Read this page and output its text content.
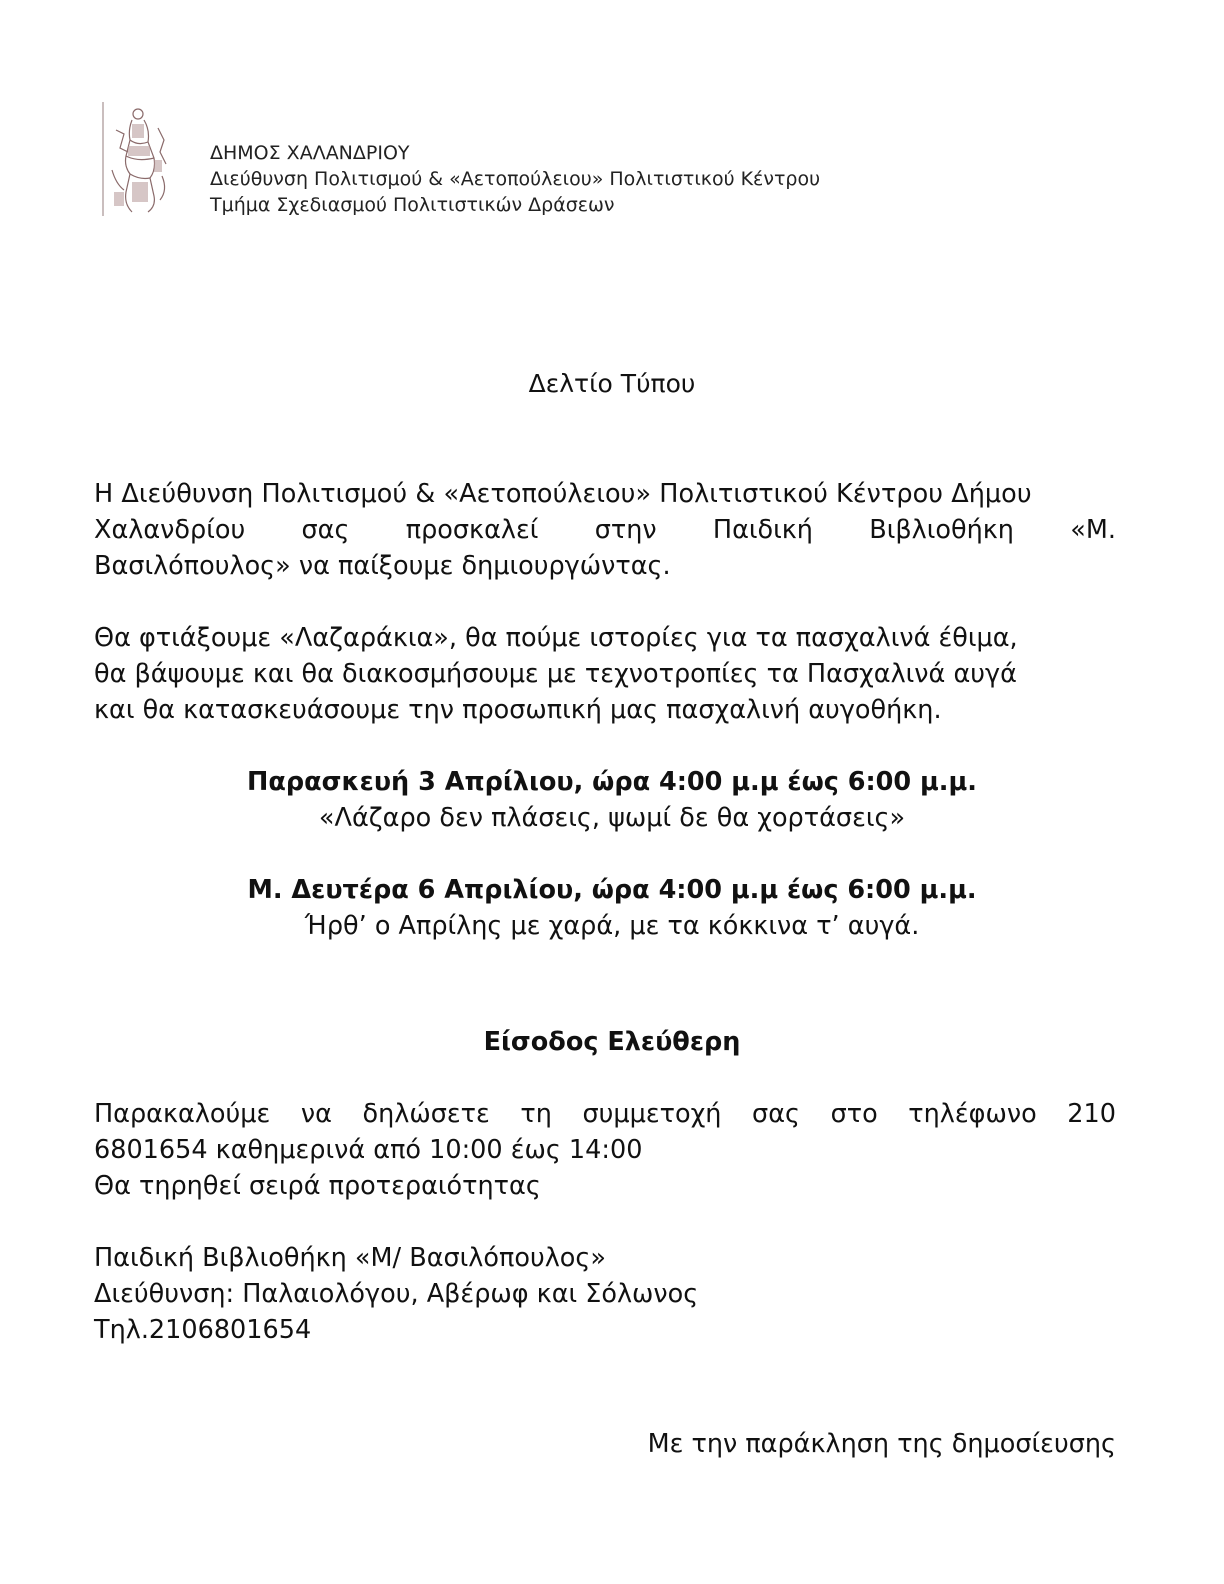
ΔΗΜΟΣ ΧΑΛΑΝΔΡΙΟΥ
Διεύθυνση Πολιτισμού & «Αετοπούλειου» Πολιτιστικού Κέντρου
Τμήμα Σχεδιασμού Πολιτιστικών Δράσεων
Δελτίο Τύπου
Η Διεύθυνση Πολιτισμού & «Αετοπούλειου» Πολιτιστικού Κέντρου Δήμου
Χαλανδρίου σας προσκαλεί στην Παιδική Βιβλιοθήκη «Μ.
Βασιλόπουλος» να παίξουμε δημιουργώντας.
Θα φτιάξουμε «Λαζαράκια», θα πούμε ιστορίες για τα πασχαλινά έθιμα,
θα βάψουμε και θα διακοσμήσουμε με τεχνοτροπίες τα Πασχαλινά αυγά
και θα κατασκευάσουμε την προσωπική μας πασχαλινή αυγοθήκη.
Παρασκευή 3 Απρίλιου, ώρα 4:00 μ.μ έως 6:00 μ.μ.
«Λάζαρο δεν πλάσεις, ψωμί δε θα χορτάσεις»
Μ. Δευτέρα 6 Απριλίου, ώρα 4:00 μ.μ έως 6:00 μ.μ.
Ήρθ’ ο Απρίλης με χαρά, με τα κόκκινα τ’ αυγά.
Είσοδος Ελεύθερη
Παρακαλούμε να δηλώσετε τη συμμετοχή σας στο τηλέφωνο 210
6801654 καθημερινά από 10:00 έως 14:00
Θα τηρηθεί σειρά προτεραιότητας
Παιδική Βιβλιοθήκη «Μ/ Βασιλόπουλος»
Διεύθυνση: Παλαιολόγου, Αβέρωφ και Σόλωνος
Τηλ.2106801654
Με την παράκληση της δημοσίευσης
